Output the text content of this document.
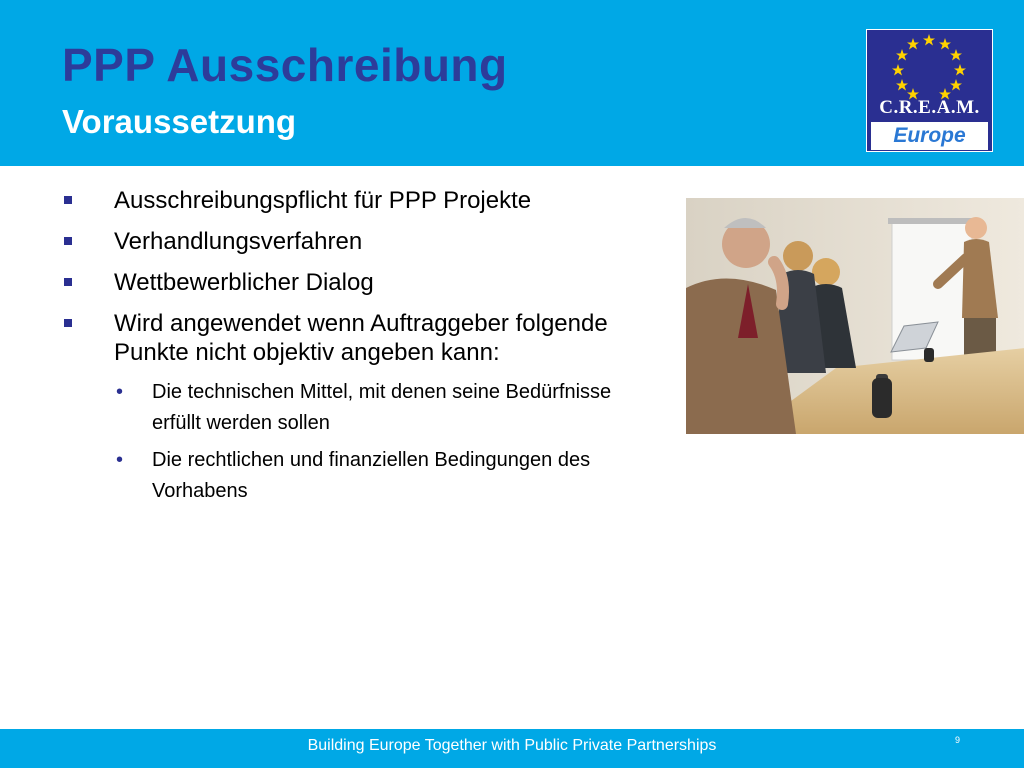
PPP Ausschreibung
Voraussetzung	C.R.E.A.M.
Europe
Ausschreibungspflicht für PPP Projekte
Verhandlungsverfahren
Wettbewerblicher Dialog
Wird angewendet wenn Auftraggeber folgende Punkte nicht objektiv angeben kann:
• Die technischen Mittel, mit denen seine Bedürfnisse erfüllt werden sollen
• Die rechtlichen und finanziellen Bedingungen des Vorhabens
Building Europe Together with Public Private Partnerships	9
